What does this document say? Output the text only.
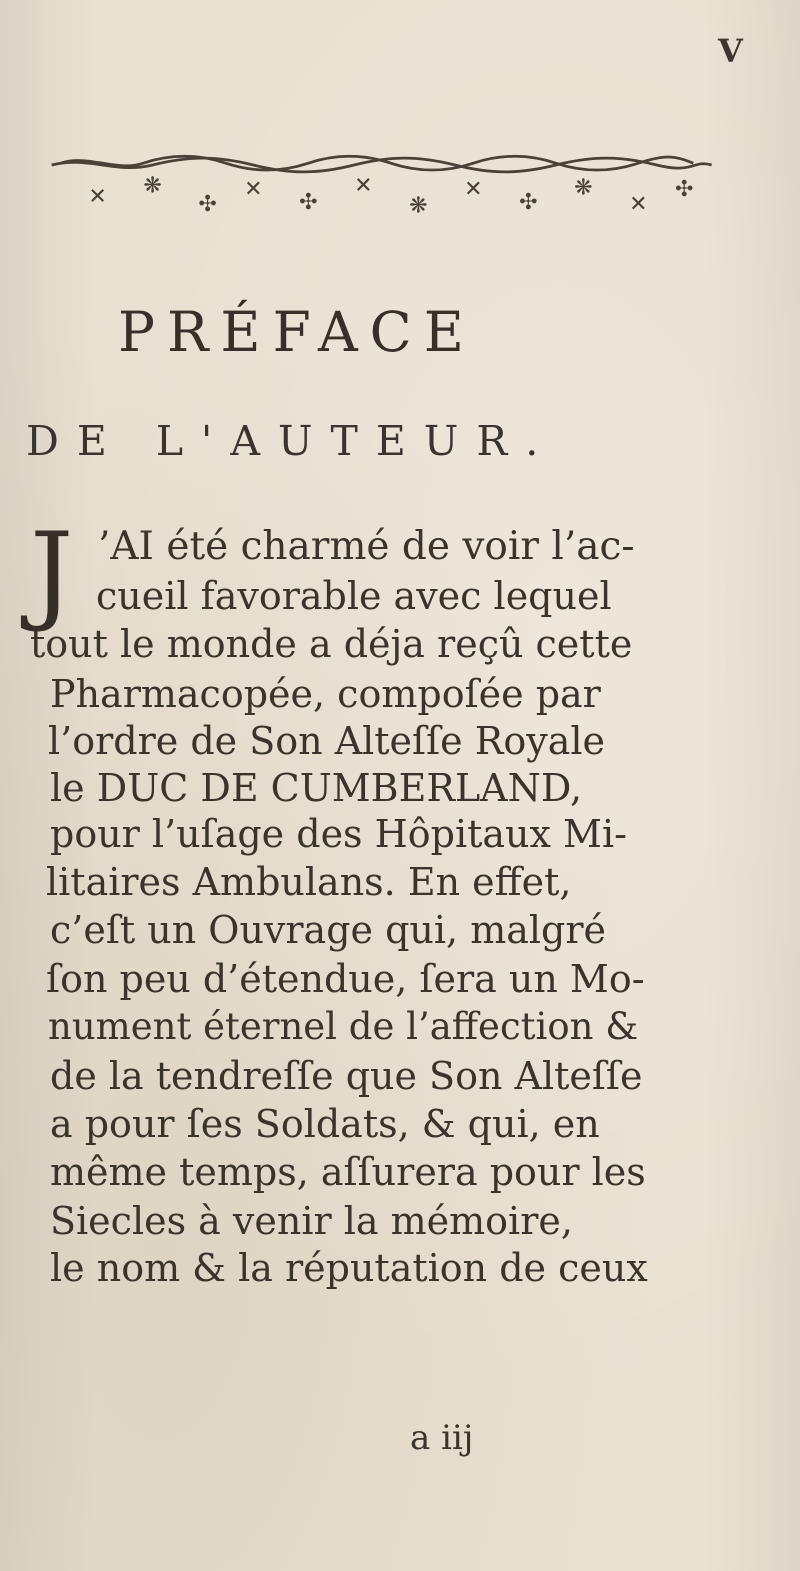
V
✕ ❋
✣
✕
✣
✕
❋
✕
✣
❋
✕
✣
PRÉFACE
DE L'AUTEUR.
J ’AI été charmé de voir l’ac-
cueil favorable avec lequel
tout le monde a déja reçû cette
Pharmacopée, compoſée par
l’ordre de Son Alteſſe Royale
le DUC DE CUMBERLAND,
pour l’uſage des Hôpitaux Mi-
litaires Ambulans. En effet,
c’eſt un Ouvrage qui, malgré
ſon peu d’étendue, ſera un Mo-
nument éternel de l’affection &
de la tendreſſe que Son Alteſſe
a pour ſes Soldats, & qui, en
même temps, aſſurera pour les
Siecles à venir la mémoire,
le nom & la réputation de ceux
a iij
